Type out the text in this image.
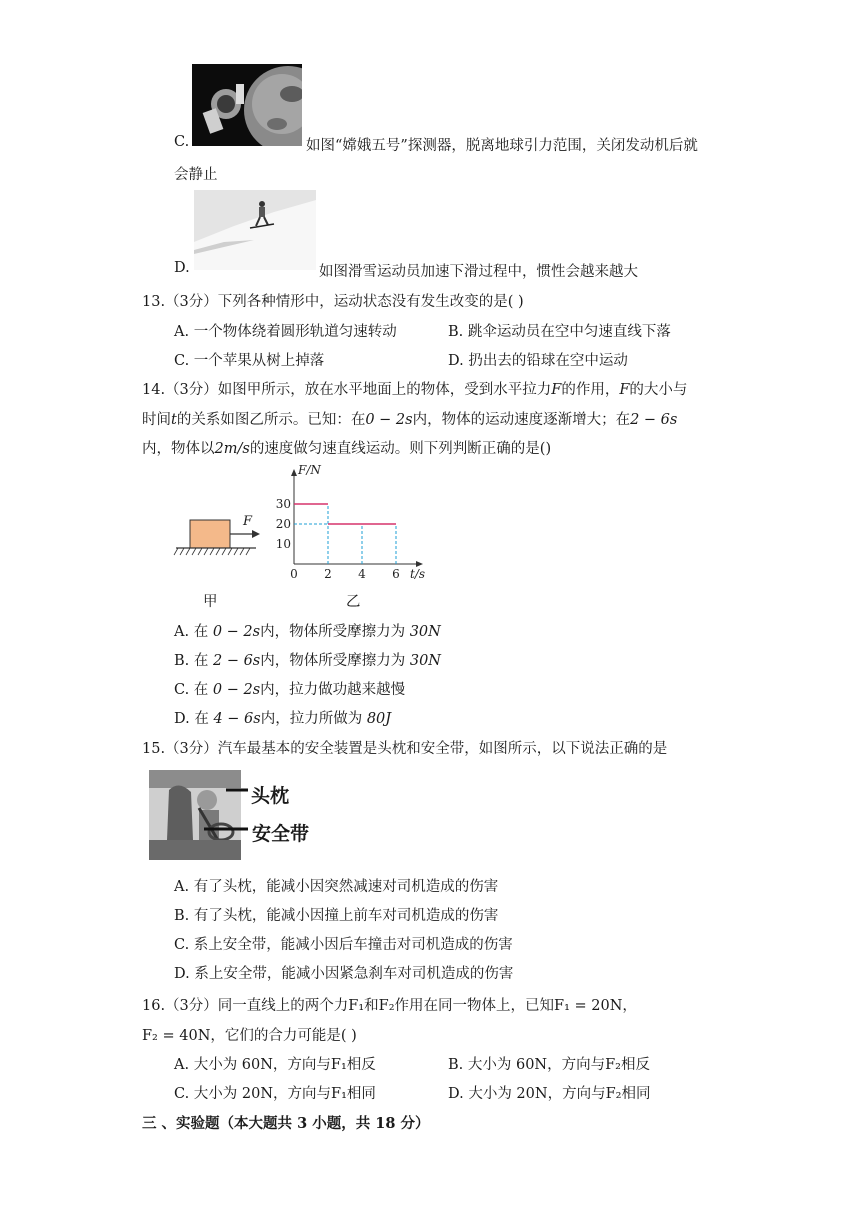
C.	如图“嫦娥五号”探测器，脱离地球引力范围，关闭发动机后就
会静止
D.	如图滑雪运动员加速下滑过程中，惯性会越来越大
13.（3分）下列各种情形中，运动状态没有发生改变的是( )
A. 一个物体绕着圆形轨道匀速转动	B. 跳伞运动员在空中匀速直线下落
C. 一个苹果从树上掉落	D. 扔出去的铅球在空中运动
14.（3分）如图甲所示，放在水平地面上的物体，受到水平拉力F的作用，F的大小与
时间t的关系如图乙所示。已知：在0 − 2s内，物体的运动速度逐渐增大；在2 − 6s
内，物体以2m/s的速度做匀速直线运动。则下列判断正确的是()
F
甲	乙
0 2 4 6
10
20
30
F/N
t/s
A. 在 0 − 2s内，物体所受摩擦力为 30N
B. 在 2 − 6s内，物体所受摩擦力为 30N
C. 在 0 − 2s内，拉力做功越来越慢
D. 在 4 − 6s内，拉力所做为 80J
15.（3分）汽车最基本的安全装置是头枕和安全带，如图所示，以下说法正确的是
头枕
安全带
A. 有了头枕，能减小因突然减速对司机造成的伤害
B. 有了头枕，能减小因撞上前车对司机造成的伤害
C. 系上安全带，能减小因后车撞击对司机造成的伤害
D. 系上安全带，能减小因紧急刹车对司机造成的伤害
16.（3分）同一直线上的两个力F₁和F₂作用在同一物体上，已知F₁ = 20N，
F₂ = 40N，它们的合力可能是( )
A. 大小为 60N，方向与F₁相反	B. 大小为 60N，方向与F₂相反
C. 大小为 20N，方向与F₁相同	D. 大小为 20N，方向与F₂相同
三 、实验题（本大题共 3 小题，共 18 分）
